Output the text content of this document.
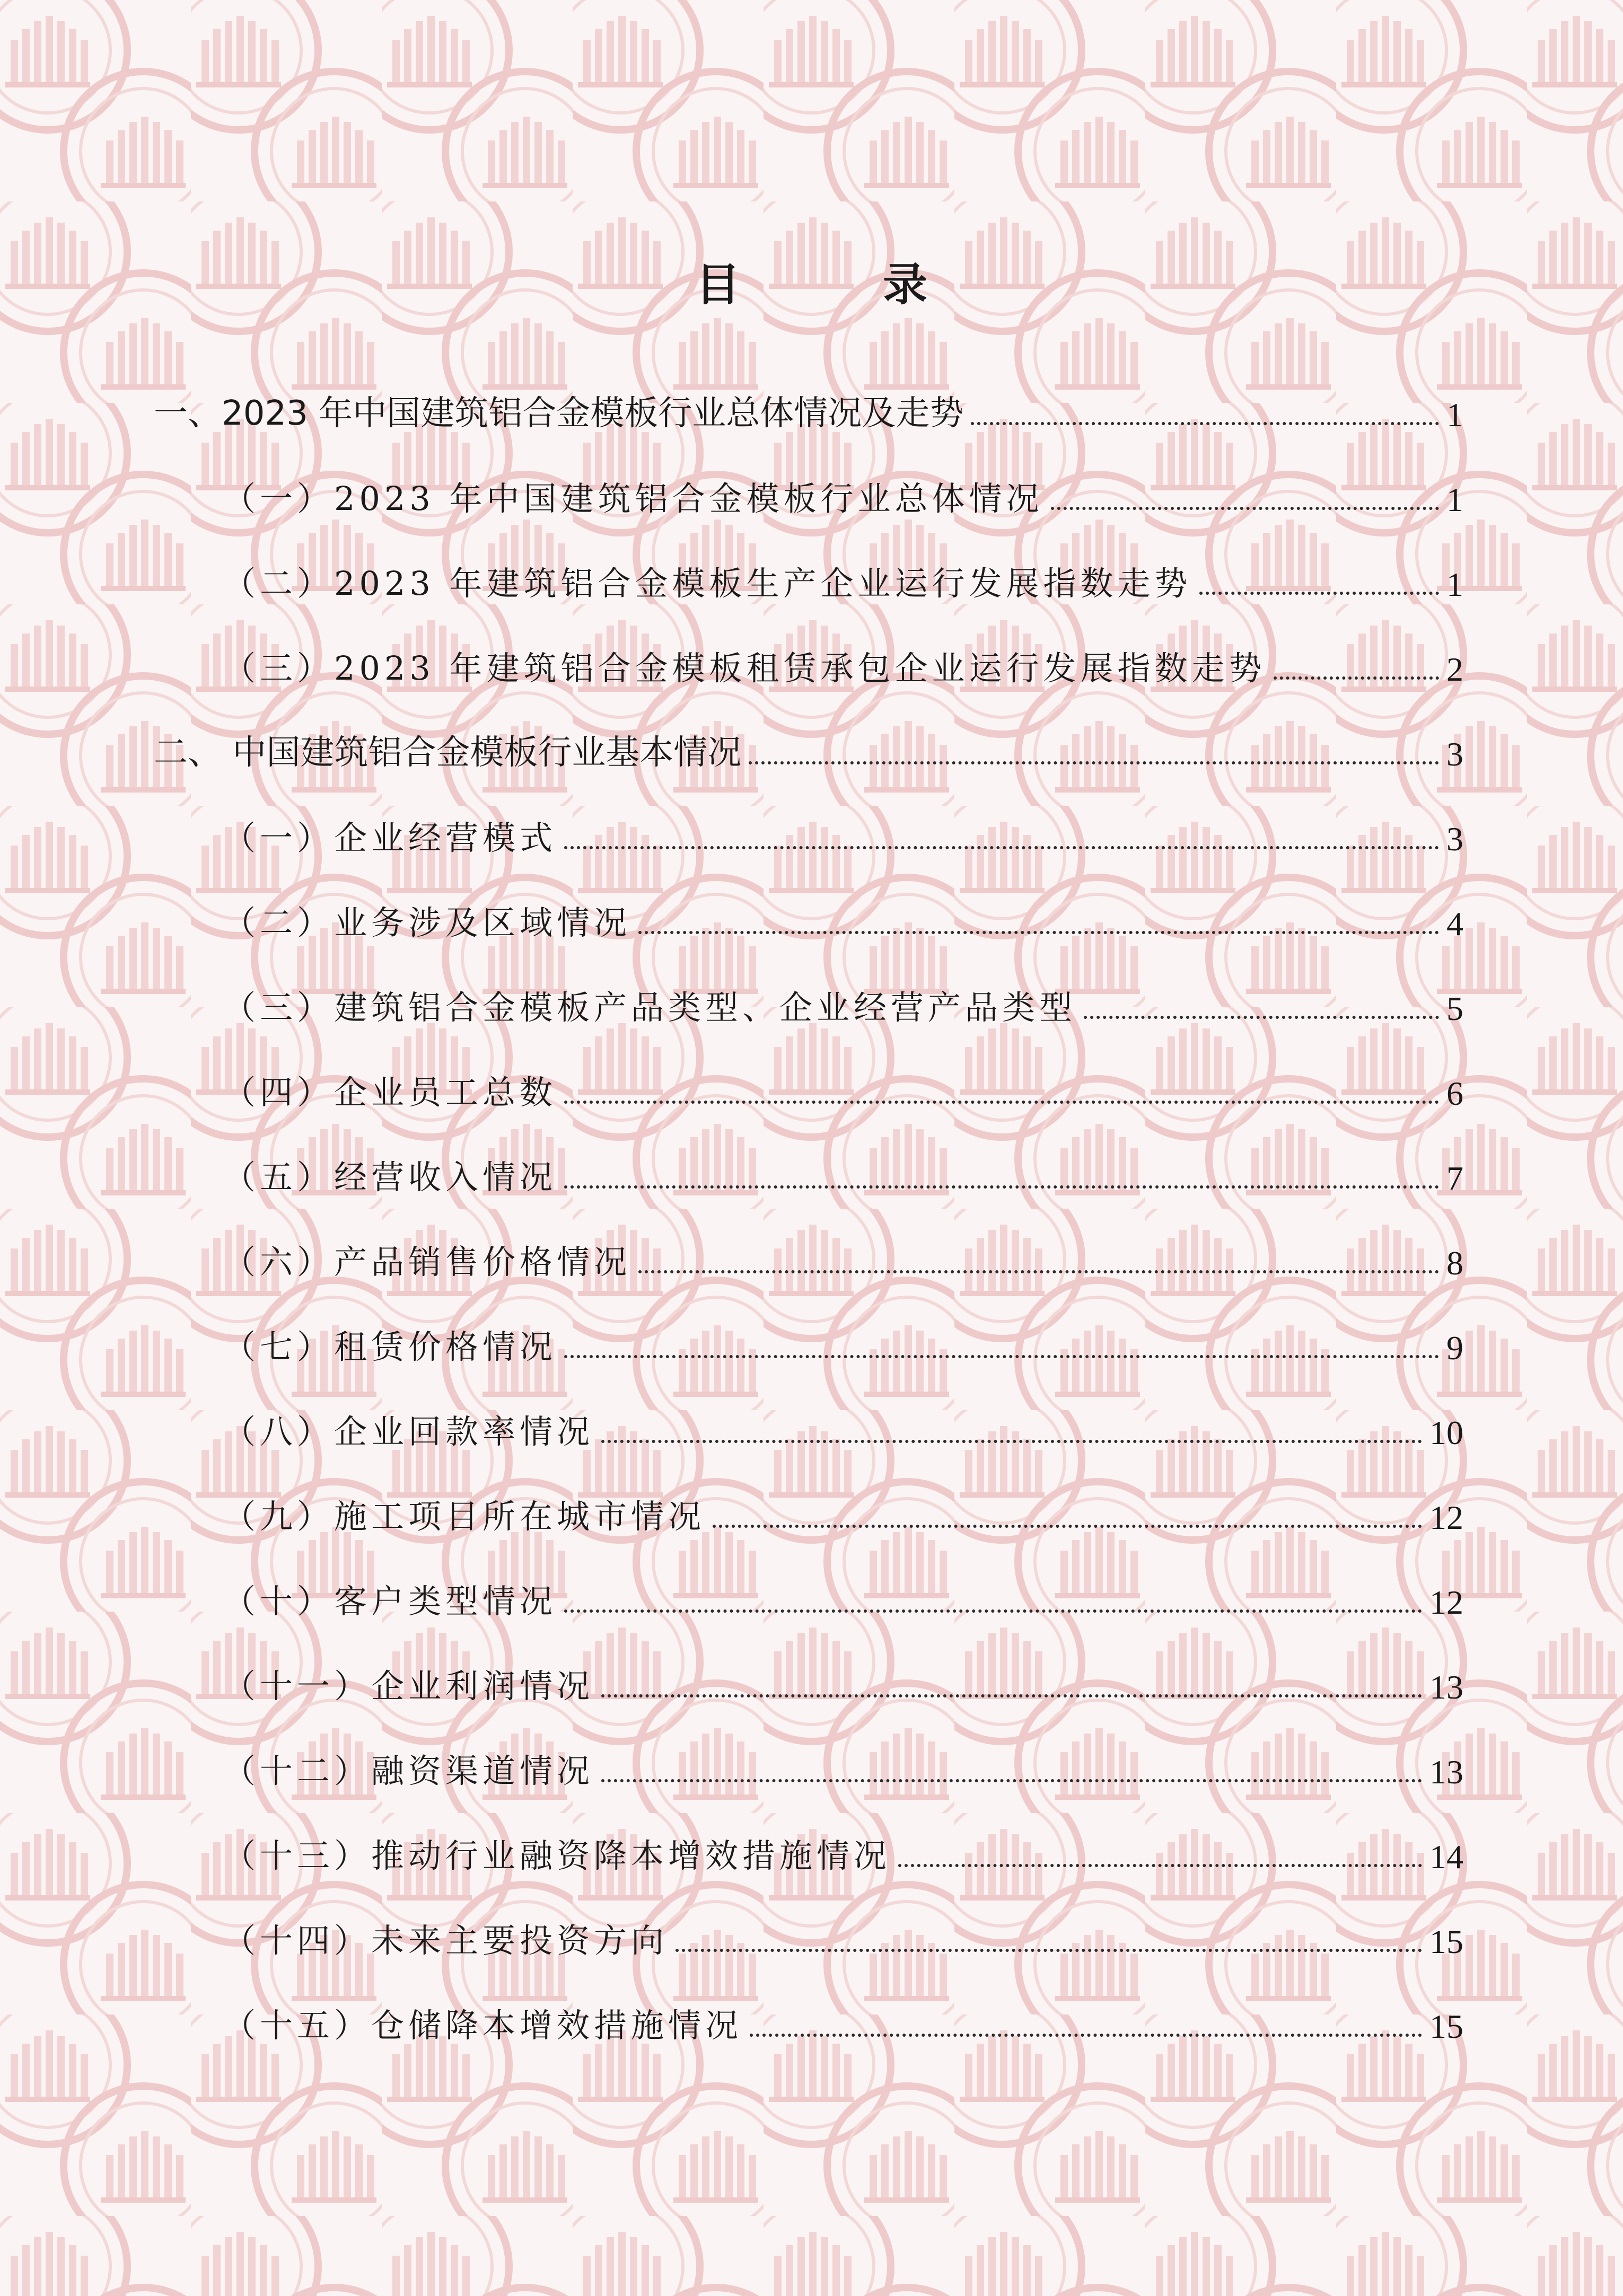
目 录
一、2023 年中国建筑铝合金模板行业总体情况及走势	1
（一）2023 年中国建筑铝合金模板行业总体情况	1
（二）2023 年建筑铝合金模板生产企业运行发展指数走势	1
（三）2023 年建筑铝合金模板租赁承包企业运行发展指数走势	2
二、 中国建筑铝合金模板行业基本情况	3
（一）企业经营模式	3
（二）业务涉及区域情况	4
（三）建筑铝合金模板产品类型、企业经营产品类型	5
（四）企业员工总数	6
（五）经营收入情况	7
（六）产品销售价格情况	8
（七）租赁价格情况	9
（八）企业回款率情况	10
（九）施工项目所在城市情况	12
（十）客户类型情况	12
（十一）企业利润情况	13
（十二）融资渠道情况	13
（十三）推动行业融资降本增效措施情况	14
（十四）未来主要投资方向	15
（十五）仓储降本增效措施情况	15
